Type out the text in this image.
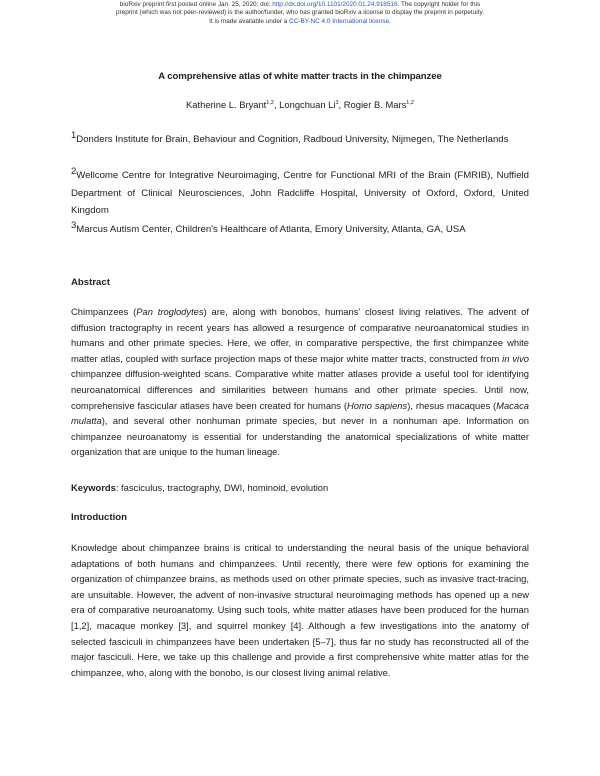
bioRxiv preprint first posted online Jan. 25, 2020; doi: http://dx.doi.org/10.1101/2020.01.24.918516. The copyright holder for this
preprint (which was not peer-reviewed) is the author/funder, who has granted bioRxiv a license to display the preprint in perpetuity.
It is made available under a CC-BY-NC 4.0 International license.
A comprehensive atlas of white matter tracts in the chimpanzee
Katherine L. Bryant$^{1,2}$, Longchuan Li$^3$, Rogier B. Mars$^{1,2}$
$^1$Donders Institute for Brain, Behaviour and Cognition, Radboud University, Nijmegen, The Netherlands
$^2$Wellcome Centre for Integrative Neuroimaging, Centre for Functional MRI of the Brain (FMRIB), Nuffield Department of Clinical Neurosciences, John Radcliffe Hospital, University of Oxford, Oxford, United Kingdom
$^3$Marcus Autism Center, Children's Healthcare of Atlanta, Emory University, Atlanta, GA, USA
Abstract

Chimpanzees (Pan troglodytes) are, along with bonobos, humans' closest living relatives. The advent of diffusion tractography in recent years has allowed a resurgence of comparative neuroanatomical studies in humans and other primate species. Here, we offer, in comparative perspective, the first chimpanzee white matter atlas, coupled with surface projection maps of these major white matter tracts, constructed from in vivo chimpanzee diffusion-weighted scans. Comparative white matter atlases provide a useful tool for identifying neuroanatomical differences and similarities between humans and other primate species. Until now, comprehensive fascicular atlases have been created for humans (Homo sapiens), rhesus macaques (Macaca mulatta), and several other nonhuman primate species, but never in a nonhuman ape. Information on chimpanzee neuroanatomy is essential for understanding the anatomical specializations of white matter organization that are unique to the human lineage.

Keywords: fasciculus, tractography, DWI, hominoid, evolution
Introduction

Knowledge about chimpanzee brains is critical to understanding the neural basis of the unique behavioral adaptations of both humans and chimpanzees. Until recently, there were few options for examining the organization of chimpanzee brains, as methods used on other primate species, such as invasive tract-tracing, are unsuitable. However, the advent of non-invasive structural neuroimaging methods has opened up a new era of comparative neuroanatomy. Using such tools, white matter atlases have been produced for the human [1,2], macaque monkey [3], and squirrel monkey [4]. Although a few investigations into the anatomy of selected fasciculi in chimpanzees have been undertaken [5–7], thus far no study has reconstructed all of the major fasciculi. Here, we take up this challenge and provide a first comprehensive white matter atlas for the chimpanzee, who, along with the bonobo, is our closest living animal relative.
